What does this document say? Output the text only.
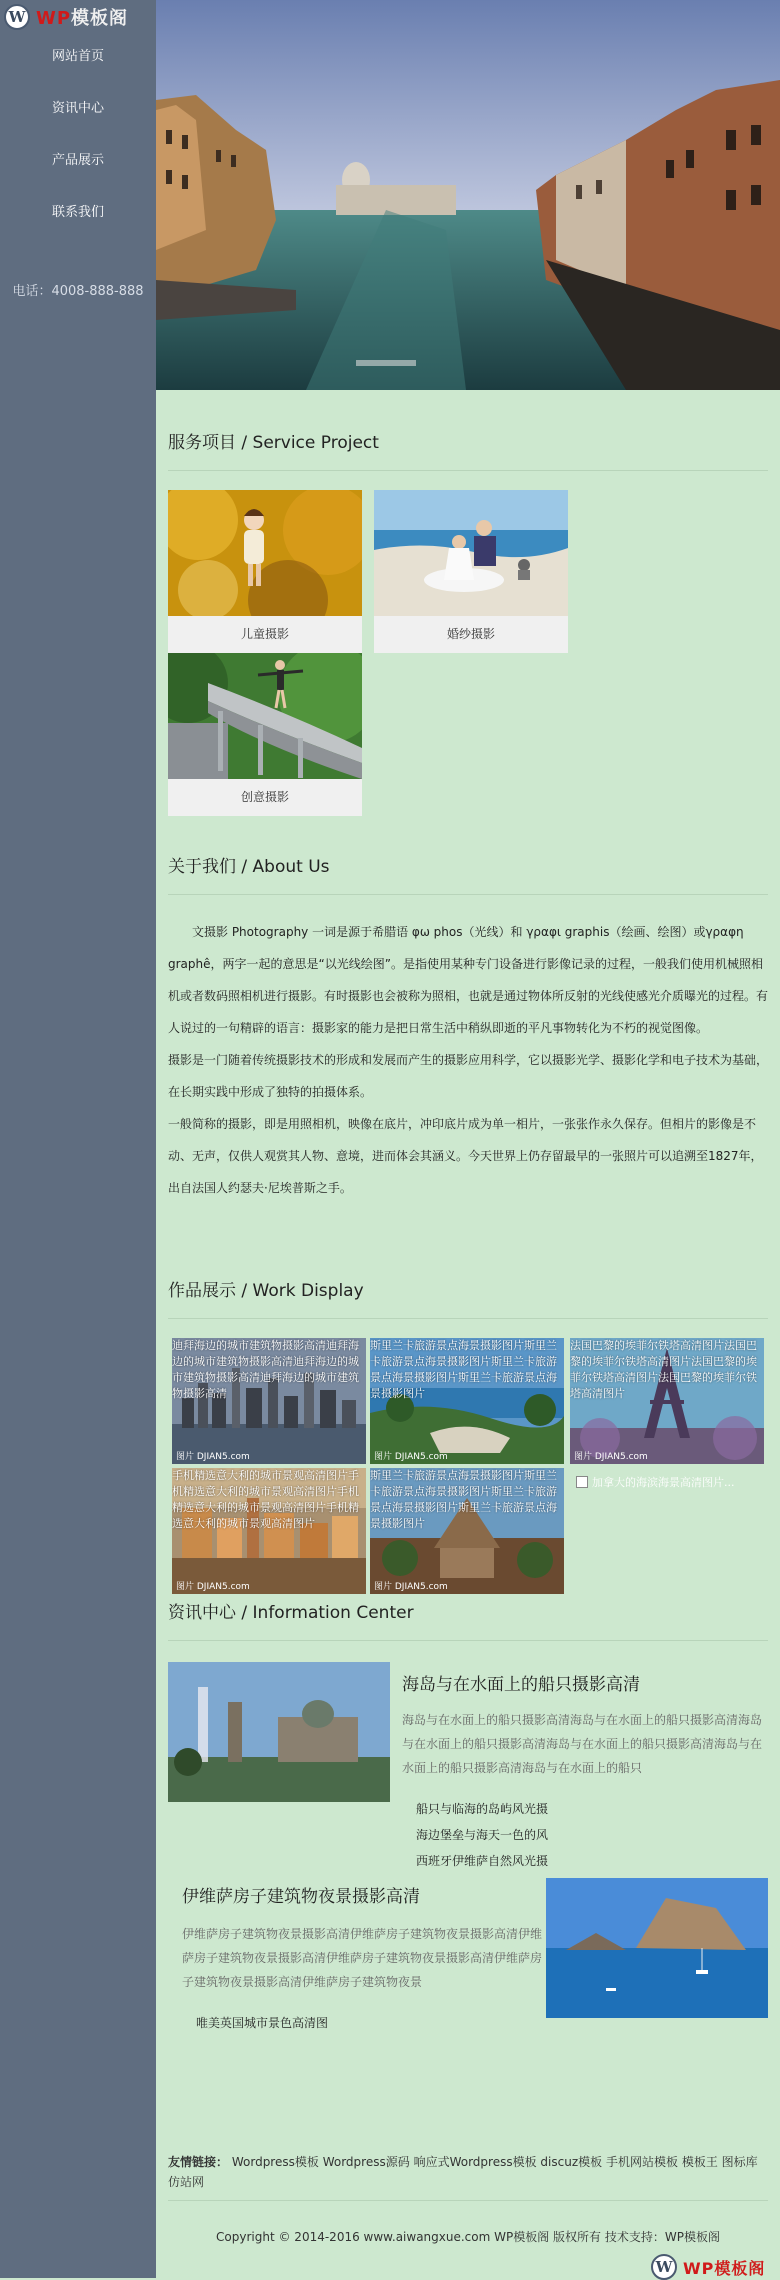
W WP模板阁
网站首页
资讯中心
产品展示
联系我们
电话：4008-888-888
服务项目 / Service Project
儿童摄影	婚纱摄影
创意摄影
关于我们 / About Us

文摄影 Photography 一词是源于希腊语 φω phos（光线）和 γραφι graphis（绘画、绘图）或γραφη graphê，两字一起的意思是“以光线绘图”。是指使用某种专门设备进行影像记录的过程，一般我们使用机械照相机或者数码照相机进行摄影。有时摄影也会被称为照相，也就是通过物体所反射的光线使感光介质曝光的过程。有人说过的一句精辟的语言：摄影家的能力是把日常生活中稍纵即逝的平凡事物转化为不朽的视觉图像。

摄影是一门随着传统摄影技术的形成和发展而产生的摄影应用科学，它以摄影光学、摄影化学和电子技术为基础，在长期实践中形成了独特的拍摄体系。

一般简称的摄影，即是用照相机，映像在底片，冲印底片成为单一相片，一张张作永久保存。但相片的影像是不动、无声，仅供人观赏其人物、意境，进而体会其涵义。今天世界上仍存留最早的一张照片可以追溯至1827年，出自法国人约瑟夫·尼埃普斯之手。

作品展示 / Work Display
迪拜海边的城市建筑物摄影高清迪拜海边的城市建筑物摄影高清迪拜海边的城市建筑物摄影高清迪拜海边的城市建筑物摄影高清
图片 DJIAN5.com
斯里兰卡旅游景点海景摄影图片斯里兰卡旅游景点海景摄影图片斯里兰卡旅游景点海景摄影图片斯里兰卡旅游景点海景摄影图片
图片 DJIAN5.com
法国巴黎的埃菲尔铁塔高清图片法国巴黎的埃菲尔铁塔高清图片法国巴黎的埃菲尔铁塔高清图片法国巴黎的埃菲尔铁塔高清图片
图片 DJIAN5.com
手机精选意大利的城市景观高清图片手机精选意大利的城市景观高清图片手机精选意大利的城市景观高清图片手机精选意大利的城市景观高清图片
图片 DJIAN5.com
斯里兰卡旅游景点海景摄影图片斯里兰卡旅游景点海景摄影图片斯里兰卡旅游景点海景摄影图片斯里兰卡旅游景点海景摄影图片
图片 DJIAN5.com
加拿大的海滨海景高清图片...
资讯中心 / Information Center
海岛与在水面上的船只摄影高清
海岛与在水面上的船只摄影高清海岛与在水面上的船只摄影高清海岛与在水面上的船只摄影高清海岛与在水面上的船只摄影高清海岛与在水面上的船只摄影高清海岛与在水面上的船只
船只与临海的岛屿风光摄
海边堡垒与海天一色的风
西班牙伊维萨自然风光摄
伊维萨房子建筑物夜景摄影高清
伊维萨房子建筑物夜景摄影高清伊维萨房子建筑物夜景摄影高清伊维萨房子建筑物夜景摄影高清伊维萨房子建筑物夜景摄影高清伊维萨房子建筑物夜景摄影高清伊维萨房子建筑物夜景
唯美英国城市景色高清图
友情链接： Wordpress模板 Wordpress源码 响应式Wordpress模板 discuz模板 手机网站模板 模板王 图标库 仿站网
Copyright © 2014-2016 www.aiwangxue.com WP模板阁 版权所有 技术支持：WP模板阁
W WP模板阁
